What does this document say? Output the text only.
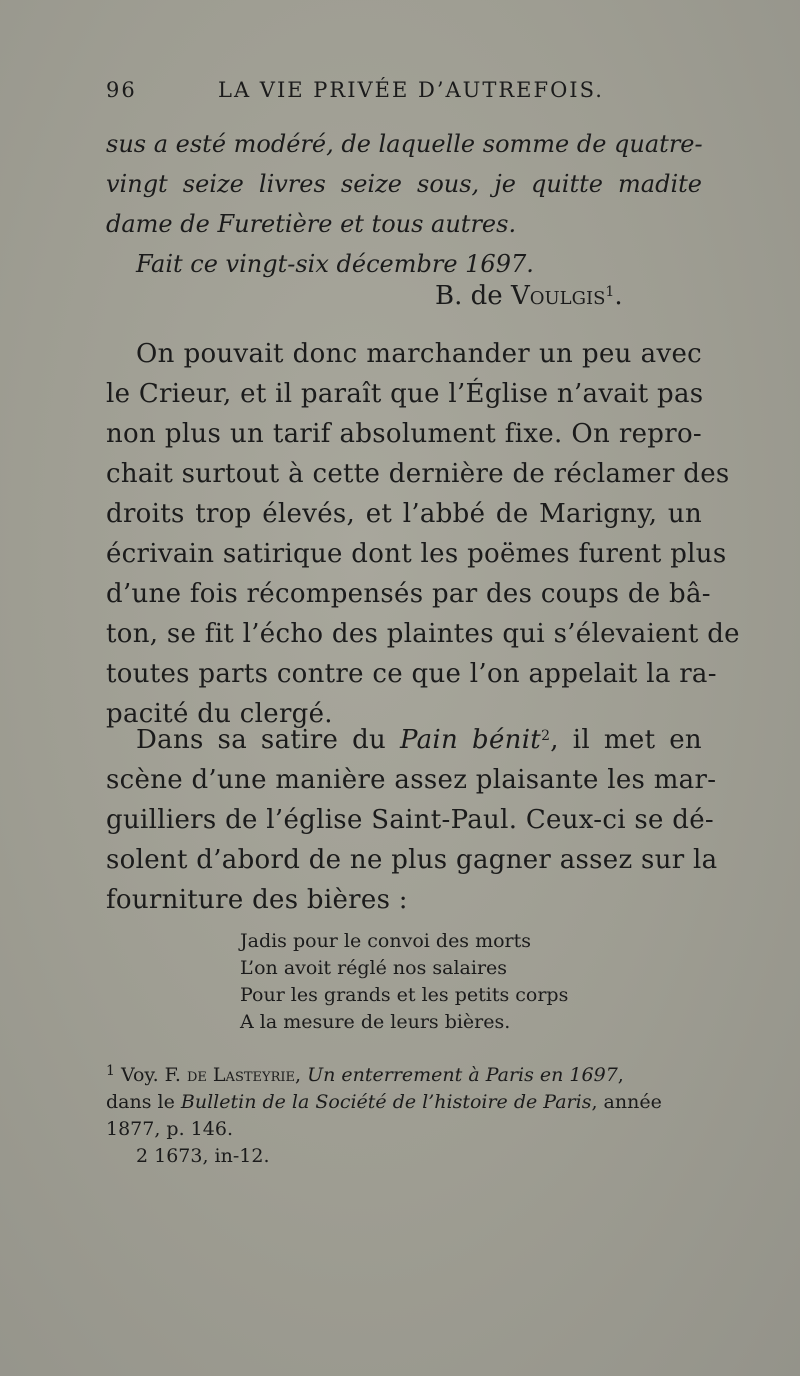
96	LA VIE PRIVÉE D’AUTREFOIS.
sus a esté modéré, de laquelle somme de quatre-
vingt seize livres seize sous, je quitte madite
dame de Furetière et tous autres.
Fait ce vingt-six décembre 1697.
B. de Voulgis$^1$.
On pouvait donc marchander un peu avec
le Crieur, et il paraît que l’Église n’avait pas
non plus un tarif absolument fixe. On repro-
chait surtout à cette dernière de réclamer des
droits trop élevés, et l’abbé de Marigny, un
écrivain satirique dont les poëmes furent plus
d’une fois récompensés par des coups de bâ-
ton, se fit l’écho des plaintes qui s’élevaient de
toutes parts contre ce que l’on appelait la ra-
pacité du clergé.
Dans sa satire du Pain bénit$^2$, il met en
scène d’une manière assez plaisante les mar-
guilliers de l’église Saint-Paul. Ceux-ci se dé-
solent d’abord de ne plus gagner assez sur la
fourniture des bières :
Jadis pour le convoi des morts
L’on avoit réglé nos salaires
Pour les grands et les petits corps
A la mesure de leurs bières.
$^1$ Voy. F. de Lasteyrie, Un enterrement à Paris en 1697,
dans le Bulletin de la Société de l’histoire de Paris, année
1877, p. 146.
2 1673, in-12.
